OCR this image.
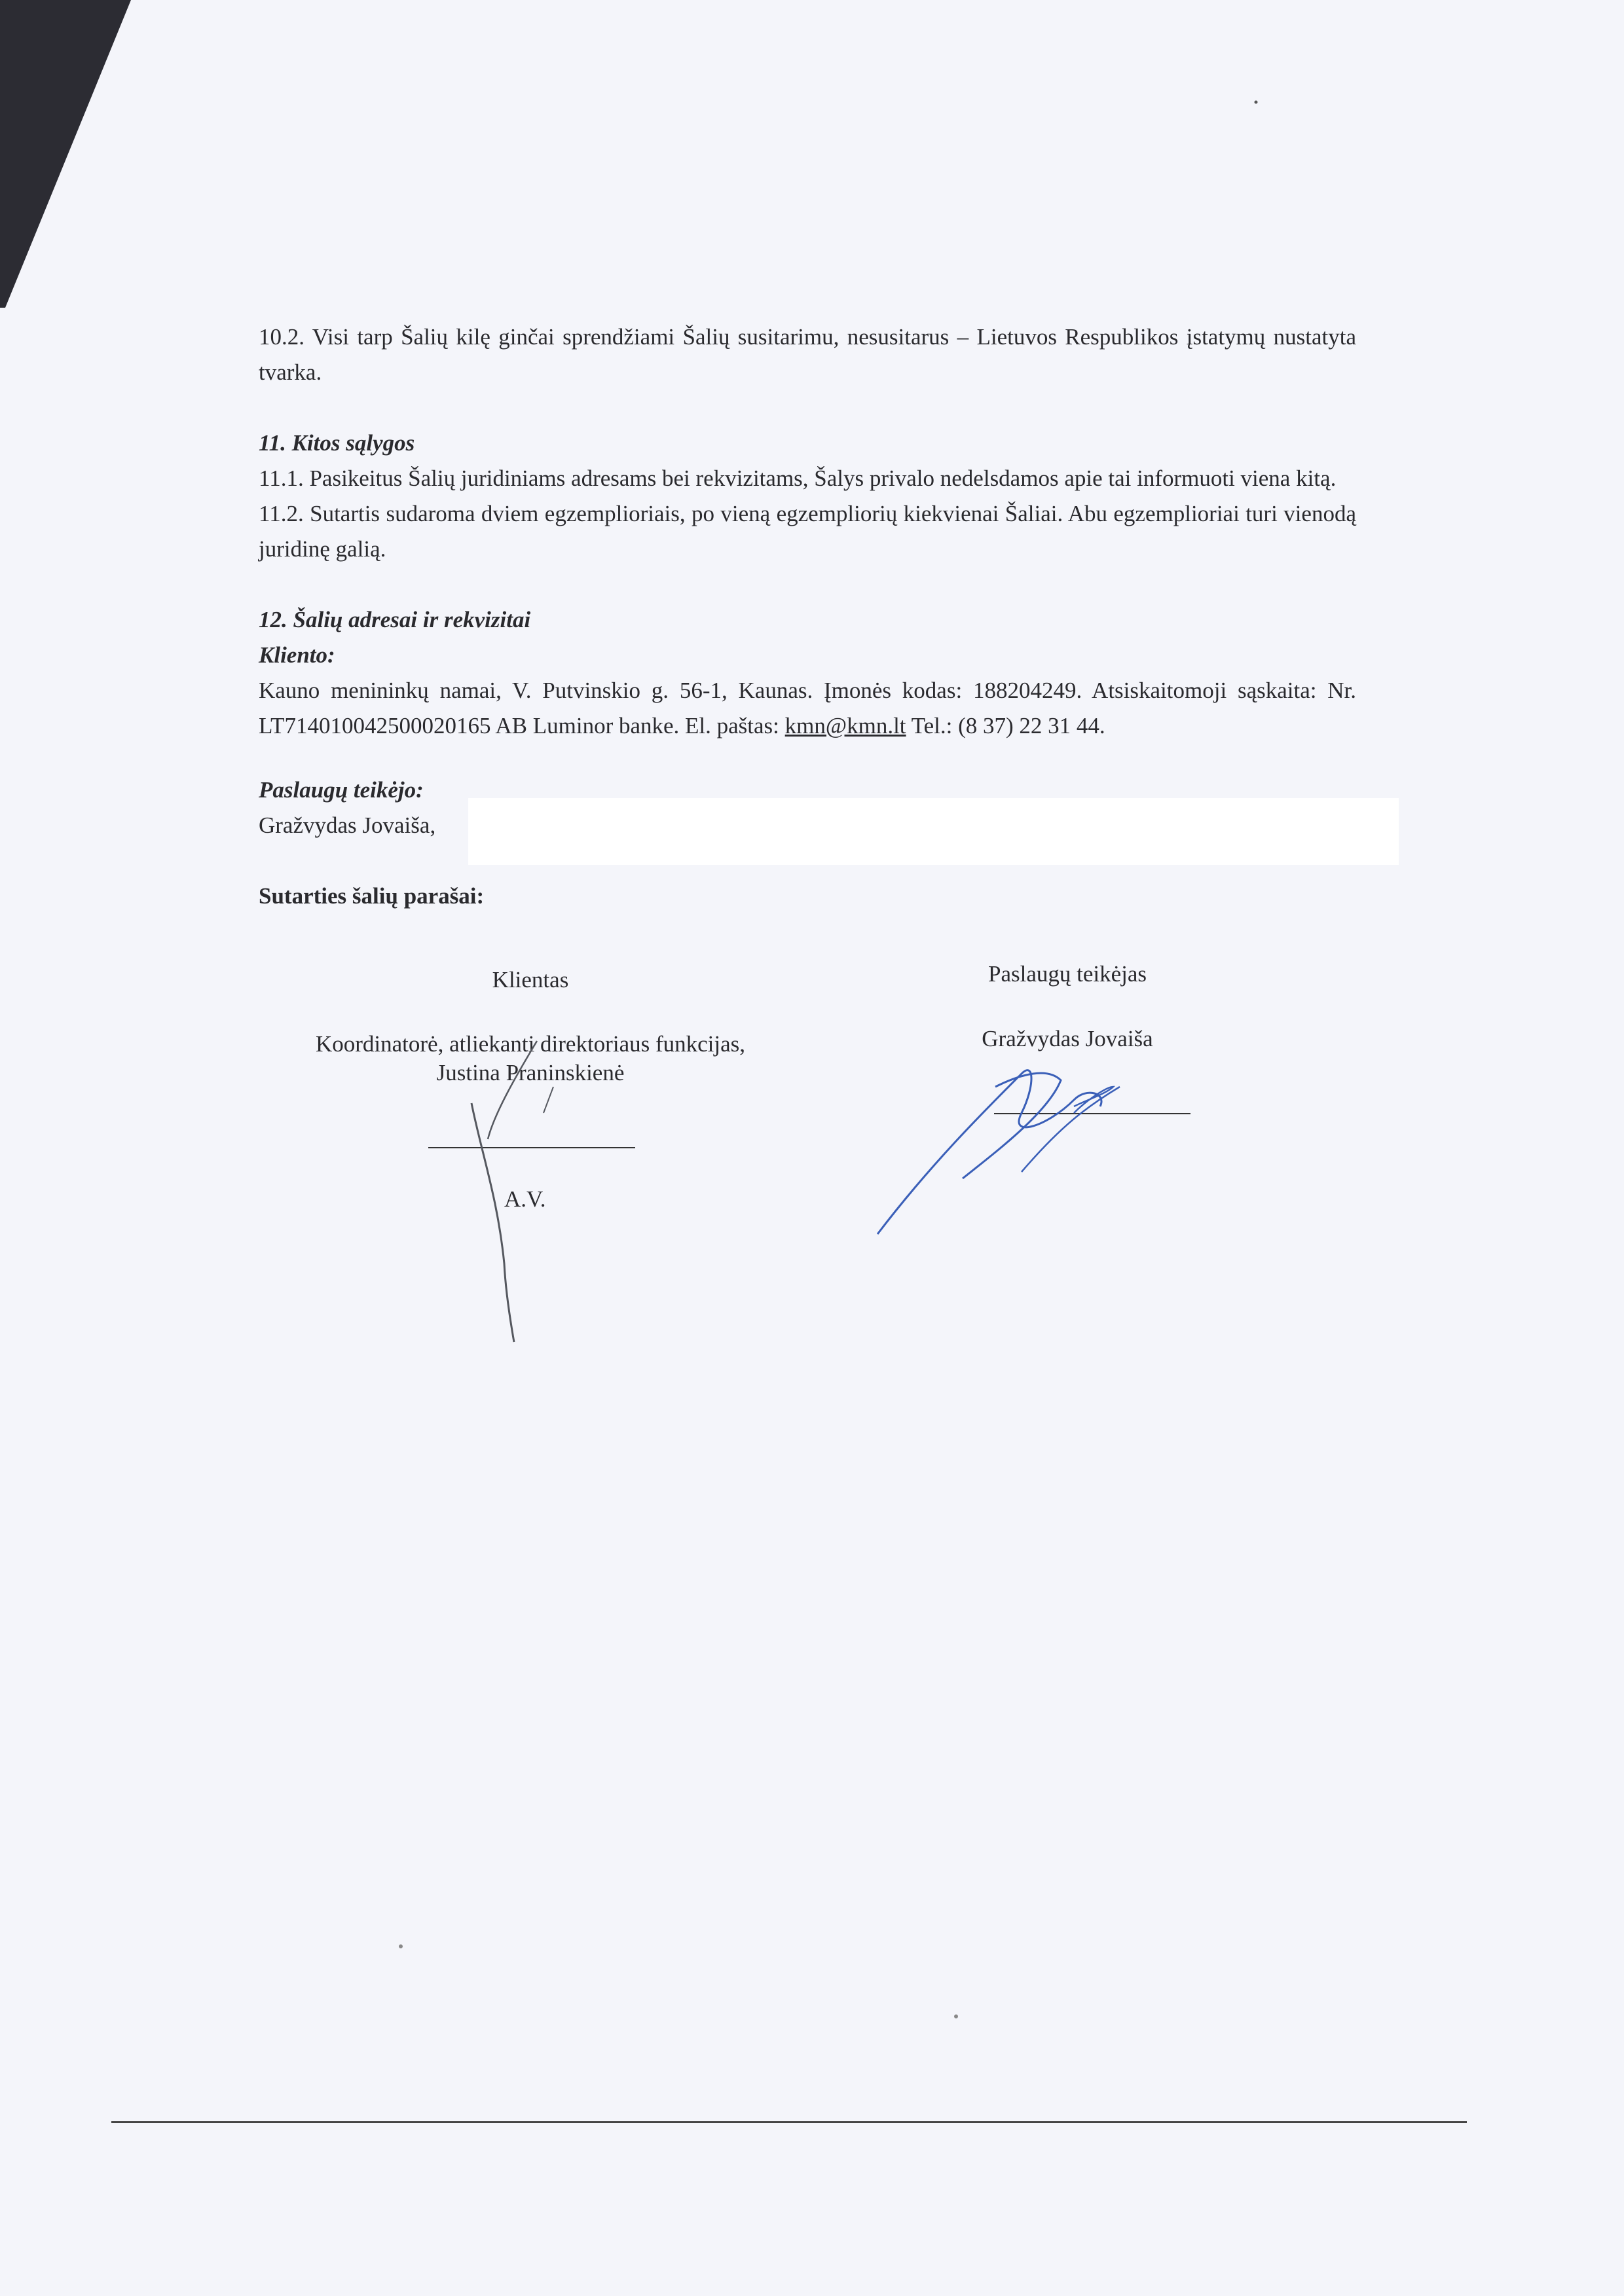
10.2. Visi tarp Šalių kilę ginčai sprendžiami Šalių susitarimu, nesusitarus – Lietuvos Respublikos įstatymų nustatyta tvarka.

11. Kitos sąlygos

11.1. Pasikeitus Šalių juridiniams adresams bei rekvizitams, Šalys privalo nedelsdamos apie tai informuoti viena kitą.

11.2. Sutartis sudaroma dviem egzemplioriais, po vieną egzempliorių kiekvienai Šaliai. Abu egzemplioriai turi vienodą juridinę galią.

12. Šalių adresai ir rekvizitai

Kliento:

Kauno menininkų namai, V. Putvinskio g. 56-1, Kaunas. Įmonės kodas: 188204249. Atsiskaitomoji sąskaita: Nr. LT714010042500020165 AB Luminor banke. El. paštas: kmn@kmn.lt Tel.: (8 37) 22 31 44.

Paslaugų teikėjo:

Gražvydas Jovaiša,

Sutarties šalių parašai:

Klientas
Koordinatorė, atliekanti direktoriaus funkcijas,
Justina Praninskienė
A.V.
Paslaugų teikėjas
Gražvydas Jovaiša
